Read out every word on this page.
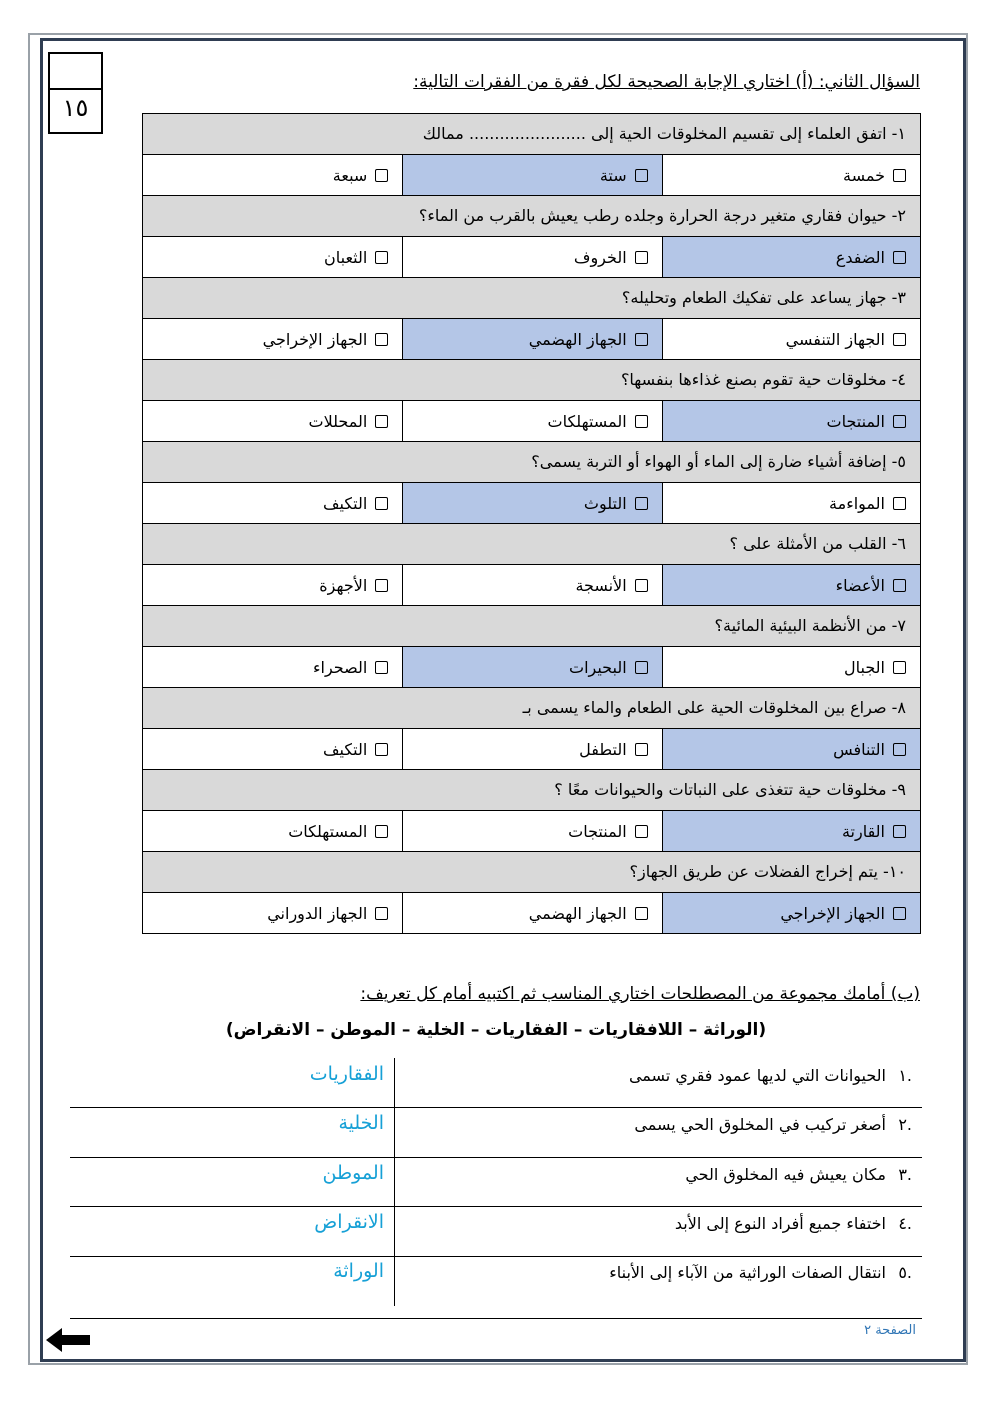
١٥
السؤال الثاني: (أ) اختاري الإجابة الصحيحة لكل فقرة من الفقرات التالية:
١- اتفق العلماء إلى تقسيم المخلوقات الحية إلى ....................... ممالك
خمسة
ستة
سبعة
٢- حيوان فقاري متغير درجة الحرارة وجلده رطب يعيش بالقرب من الماء؟
الضفدع
الخروف
الثعبان
٣- جهاز يساعد على تفكيك الطعام وتحليله؟
الجهاز التنفسي
الجهاز الهضمي
الجهاز الإخراجي
٤- مخلوقات حية تقوم بصنع غذاءها بنفسها؟
المنتجات
المستهلكات
المحللات
٥- إضافة أشياء ضارة إلى الماء أو الهواء أو التربة يسمى؟
المواءمة
التلوث
التكيف
٦- القلب من الأمثلة على ؟
الأعضاء
الأنسجة
الأجهزة
٧- من الأنظمة البيئية المائية؟
الجبال
البحيرات
الصحراء
٨- صراع بين المخلوقات الحية على الطعام والماء يسمى بـ
التنافس
التطفل
التكيف
٩- مخلوقات حية تتغذى على النباتات والحيوانات معًا ؟
القارتة
المنتجات
المستهلكات
١٠- يتم إخراج الفضلات عن طريق الجهاز؟
الجهاز الإخراجي
الجهاز الهضمي
الجهاز الدوراني
(ب) أمامك مجموعة من المصطلحات اختاري المناسب ثم اكتبيه أمام كل تعريف:
(الوراثة – اللافقاريات – الفقاريات – الخلية – الموطن – الانقراض)
.١الحيوانات التي لديها عمود فقري تسمى
الفقاريات
.٢أصغر تركيب في المخلوق الحي يسمى
الخلية
.٣مكان يعيش فيه المخلوق الحي
الموطن
.٤اختفاء جميع أفراد النوع إلى الأبد
الانقراض
.٥انتقال الصفات الوراثية من الآباء إلى الأبناء
الوراثة
الصفحة ٢
